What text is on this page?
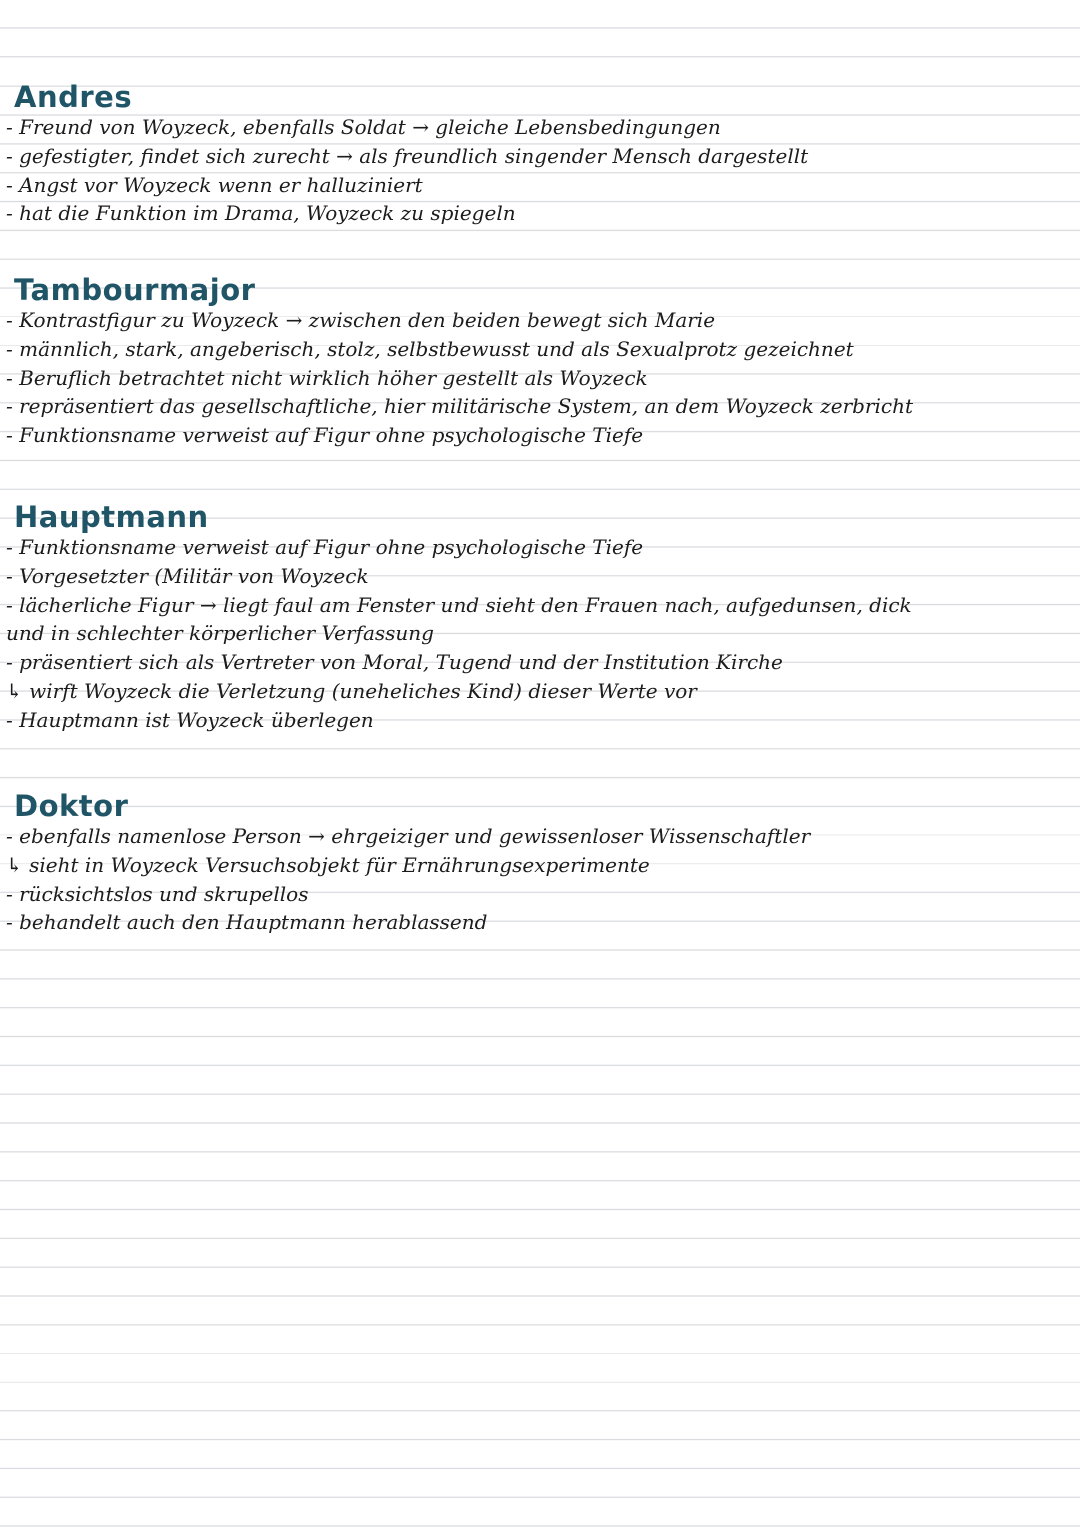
Andres
- Freund von Woyzeck, ebenfalls Soldat → gleiche Lebensbedingungen
- gefestigter, findet sich zurecht → als freundlich singender Mensch dargestellt
- Angst vor Woyzeck wenn er halluziniert
- hat die Funktion im Drama, Woyzeck zu spiegeln
Tambourmajor
- Kontrastfigur zu Woyzeck → zwischen den beiden bewegt sich Marie
- männlich, stark, angeberisch, stolz, selbstbewusst und als Sexualprotz gezeichnet
- Beruflich betrachtet nicht wirklich höher gestellt als Woyzeck
- repräsentiert das gesellschaftliche, hier militärische System, an dem Woyzeck zerbricht
- Funktionsname verweist auf Figur ohne psychologische Tiefe
Hauptmann
- Funktionsname verweist auf Figur ohne psychologische Tiefe
- Vorgesetzter (Militär von Woyzeck
- lächerliche Figur → liegt faul am Fenster und sieht den Frauen nach, aufgedunsen, dick
und in schlechter körperlicher Verfassung
- präsentiert sich als Vertreter von Moral, Tugend und der Institution Kirche
↳ wirft Woyzeck die Verletzung (uneheliches Kind) dieser Werte vor
- Hauptmann ist Woyzeck überlegen
Doktor
- ebenfalls namenlose Person → ehrgeiziger und gewissenloser Wissenschaftler
↳ sieht in Woyzeck Versuchsobjekt für Ernährungsexperimente
- rücksichtslos und skrupellos
- behandelt auch den Hauptmann herablassend
